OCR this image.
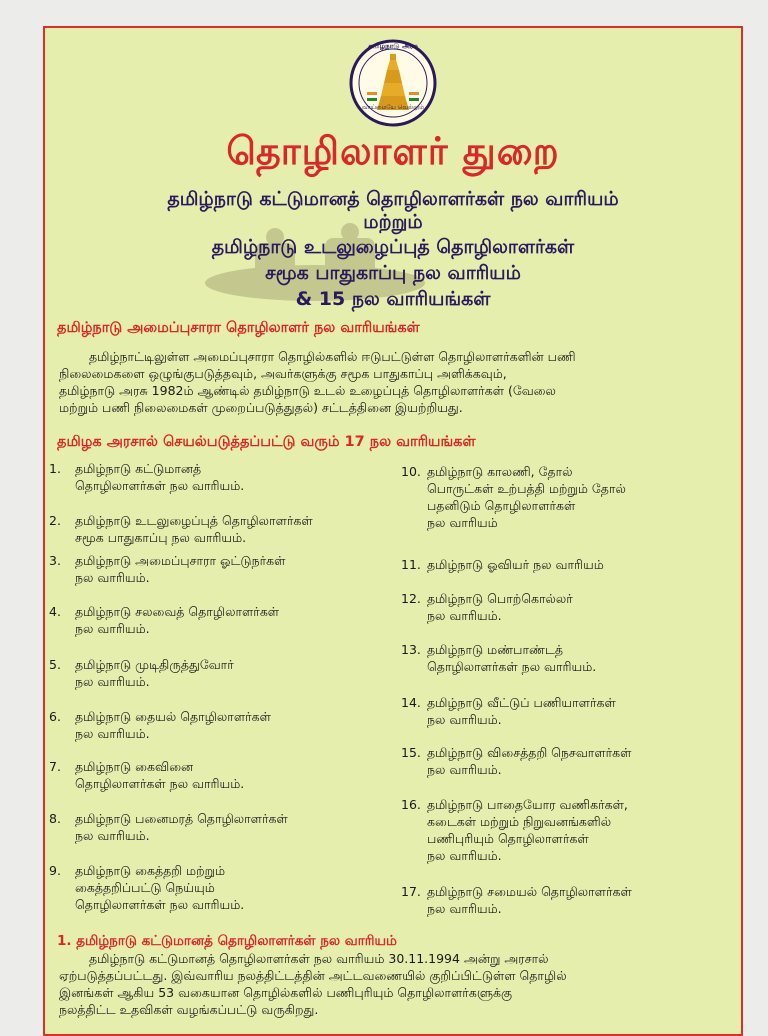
தமிழ்நாடு அரசு
வாய்மையே வெல்லும்
தொழிலாளர் துறை
தமிழ்நாடு கட்டுமானத் தொழிலாளர்கள் நல வாரியம்
மற்றும்
தமிழ்நாடு உடலுழைப்புத் தொழிலாளர்கள்
சமூக பாதுகாப்பு நல வாரியம்
& 15 நல வாரியங்கள்
தமிழ்நாடு அமைப்புசாரா தொழிலாளர் நல வாரியங்கள்
தமிழ்நாட்டிலுள்ள அமைப்புசாரா தொழில்களில் ஈடுபட்டுள்ள தொழிலாளர்களின் பணி
நிலைமைகளை ஒழுங்குபடுத்தவும், அவர்களுக்கு சமூக பாதுகாப்பு அளிக்கவும்,
தமிழ்நாடு அரசு 1982ம் ஆண்டில் தமிழ்நாடு உடல் உழைப்புத் தொழிலாளர்கள் (வேலை
மற்றும் பணி நிலைமைகள் முறைப்படுத்துதல்) சட்டத்தினை இயற்றியது.
தமிழக அரசால் செயல்படுத்தப்பட்டு வரும் 17 நல வாரியங்கள்
1.	தமிழ்நாடு கட்டுமானத்
தொழிலாளர்கள் நல வாரியம்.
2.	தமிழ்நாடு உடலுழைப்புத் தொழிலாளர்கள்
சமூக பாதுகாப்பு நல வாரியம்.
3.	தமிழ்நாடு அமைப்புசாரா ஓட்டுநர்கள்
நல வாரியம்.
4.	தமிழ்நாடு சலவைத் தொழிலாளர்கள்
நல வாரியம்.
5.	தமிழ்நாடு முடிதிருத்துவோர்
நல வாரியம்.
6.	தமிழ்நாடு தையல் தொழிலாளர்கள்
நல வாரியம்.
7.	தமிழ்நாடு கைவினை
தொழிலாளர்கள் நல வாரியம்.
8.	தமிழ்நாடு பனைமரத் தொழிலாளர்கள்
நல வாரியம்.
9.	தமிழ்நாடு கைத்தறி மற்றும்
கைத்தறிப்பட்டு நெய்யும்
தொழிலாளர்கள் நல வாரியம்.
10. தமிழ்நாடு காலணி, தோல்
பொருட்கள் உற்பத்தி மற்றும் தோல்
பதனிடும் தொழிலாளர்கள்
நல வாரியம்
11. தமிழ்நாடு ஓவியர் நல வாரியம்
12. தமிழ்நாடு பொற்கொல்லர்
நல வாரியம்.
13. தமிழ்நாடு மண்பாண்டத்
தொழிலாளர்கள் நல வாரியம்.
14. தமிழ்நாடு வீட்டுப் பணியாளர்கள்
நல வாரியம்.
15. தமிழ்நாடு விசைத்தறி நெசவாளர்கள்
நல வாரியம்.
16. தமிழ்நாடு பாதையோர வணிகர்கள்,
கடைகள் மற்றும் நிறுவனங்களில்
பணிபுரியும் தொழிலாளர்கள்
நல வாரியம்.
17. தமிழ்நாடு சமையல் தொழிலாளர்கள்
நல வாரியம்.
1. தமிழ்நாடு கட்டுமானத் தொழிலாளர்கள் நல வாரியம்
தமிழ்நாடு கட்டுமானத் தொழிலாளர்கள் நல வாரியம் 30.11.1994 அன்று அரசால்
ஏற்படுத்தப்பட்டது. இவ்வாரிய நலத்திட்டத்தின் அட்டவணையில் குறிப்பிட்டுள்ள தொழில்
இனங்கள் ஆகிய 53 வகையான தொழில்களில் பணிபுரியும் தொழிலாளர்களுக்கு
நலத்திட்ட உதவிகள் வழங்கப்பட்டு வருகிறது.
